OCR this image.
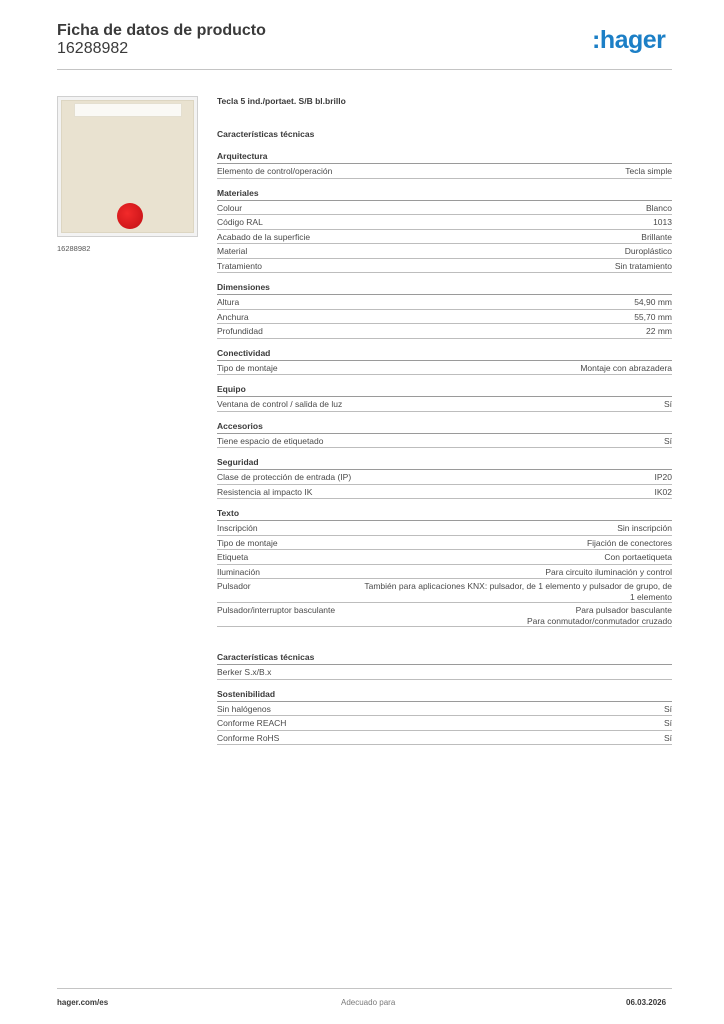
Ficha de datos de producto
16288982	:hager
16288982
Tecla 5 ind./portaet. S/B bl.brillo
Características técnicas
Arquitectura
Elemento de control/operación	Tecla simple
Materiales
Colour	Blanco
Código RAL	1013
Acabado de la superficie	Brillante
Material	Duroplástico
Tratamiento	Sin tratamiento
Dimensiones
Altura	54,90 mm
Anchura	55,70 mm
Profundidad	22 mm
Conectividad
Tipo de montaje	Montaje con abrazadera
Equipo
Ventana de control / salida de luz	Sí
Accesorios
Tiene espacio de etiquetado	Sí
Seguridad
Clase de protección de entrada (IP)	IP20
Resistencia al impacto IK	IK02
Texto
Inscripción	Sin inscripción
Tipo de montaje	Fijación de conectores
Etiqueta	Con portaetiqueta
Iluminación	Para circuito iluminación y control
Pulsador	También para aplicaciones KNX: pulsador, de 1 elemento y pulsador de grupo, de 1 elemento
Pulsador/interruptor basculante	Para pulsador basculante
Para conmutador/conmutador cruzado
Características técnicas
Berker S.x/B.x
Sostenibilidad
Sin halógenos	Sí
Conforme REACH	Sí
Conforme RoHS	Sí
hager.com/es	Adecuado para	06.03.2026
